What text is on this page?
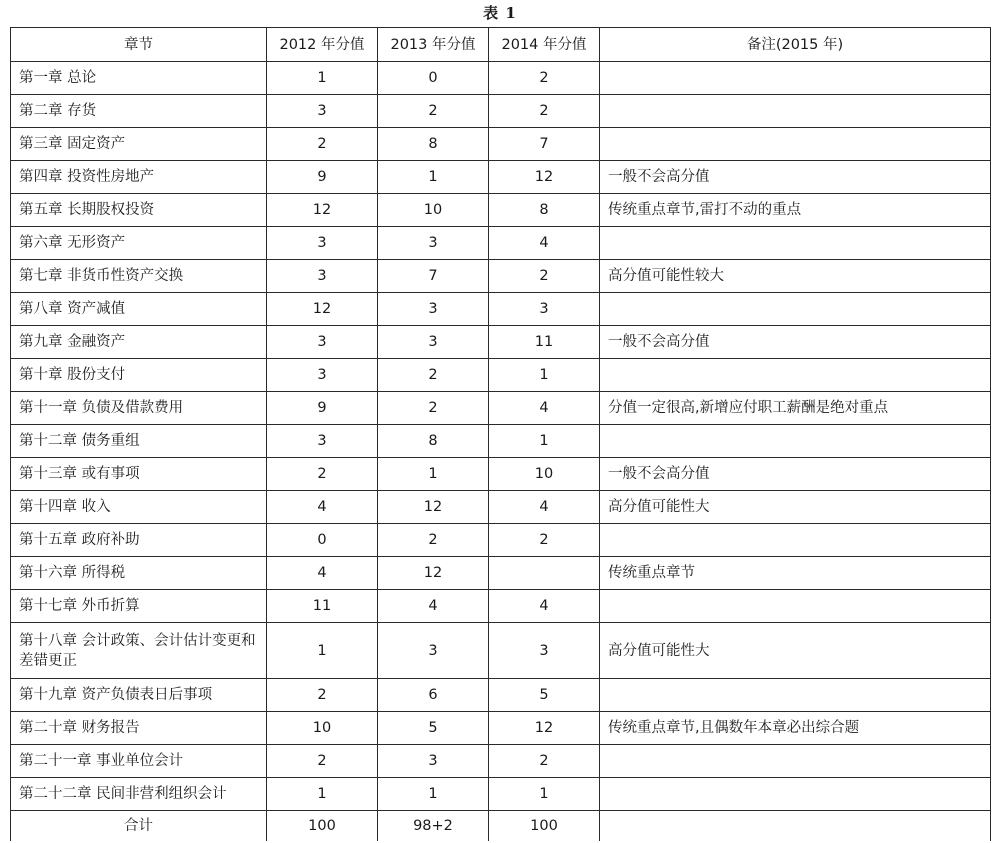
表 1
章节	2012 年分值	2013 年分值	2014 年分值	备注(2015 年)
第一章 总论	1	0	2	
第二章 存货	3	2	2	
第三章 固定资产	2	8	7	
第四章 投资性房地产	9	1	12	一般不会高分值
第五章 长期股权投资	12	10	8	传统重点章节,雷打不动的重点
第六章 无形资产	3	3	4	
第七章 非货币性资产交换	3	7	2	高分值可能性较大
第八章 资产减值	12	3	3	
第九章 金融资产	3	3	11	一般不会高分值
第十章 股份支付	3	2	1	
第十一章 负债及借款费用	9	2	4	分值一定很高,新增应付职工薪酬是绝对重点
第十二章 债务重组	3	8	1	
第十三章 或有事项	2	1	10	一般不会高分值
第十四章 收入	4	12	4	高分值可能性大
第十五章 政府补助	0	2	2	
第十六章 所得税	4	12		传统重点章节
第十七章 外币折算	11	4	4	
第十八章 会计政策、会计估计变更和差错更正	1	3	3	高分值可能性大
第十九章 资产负债表日后事项	2	6	5	
第二十章 财务报告	10	5	12	传统重点章节,且偶数年本章必出综合题
第二十一章 事业单位会计	2	3	2	
第二十二章 民间非营利组织会计	1	1	1	
合计	100	98+2	100	
